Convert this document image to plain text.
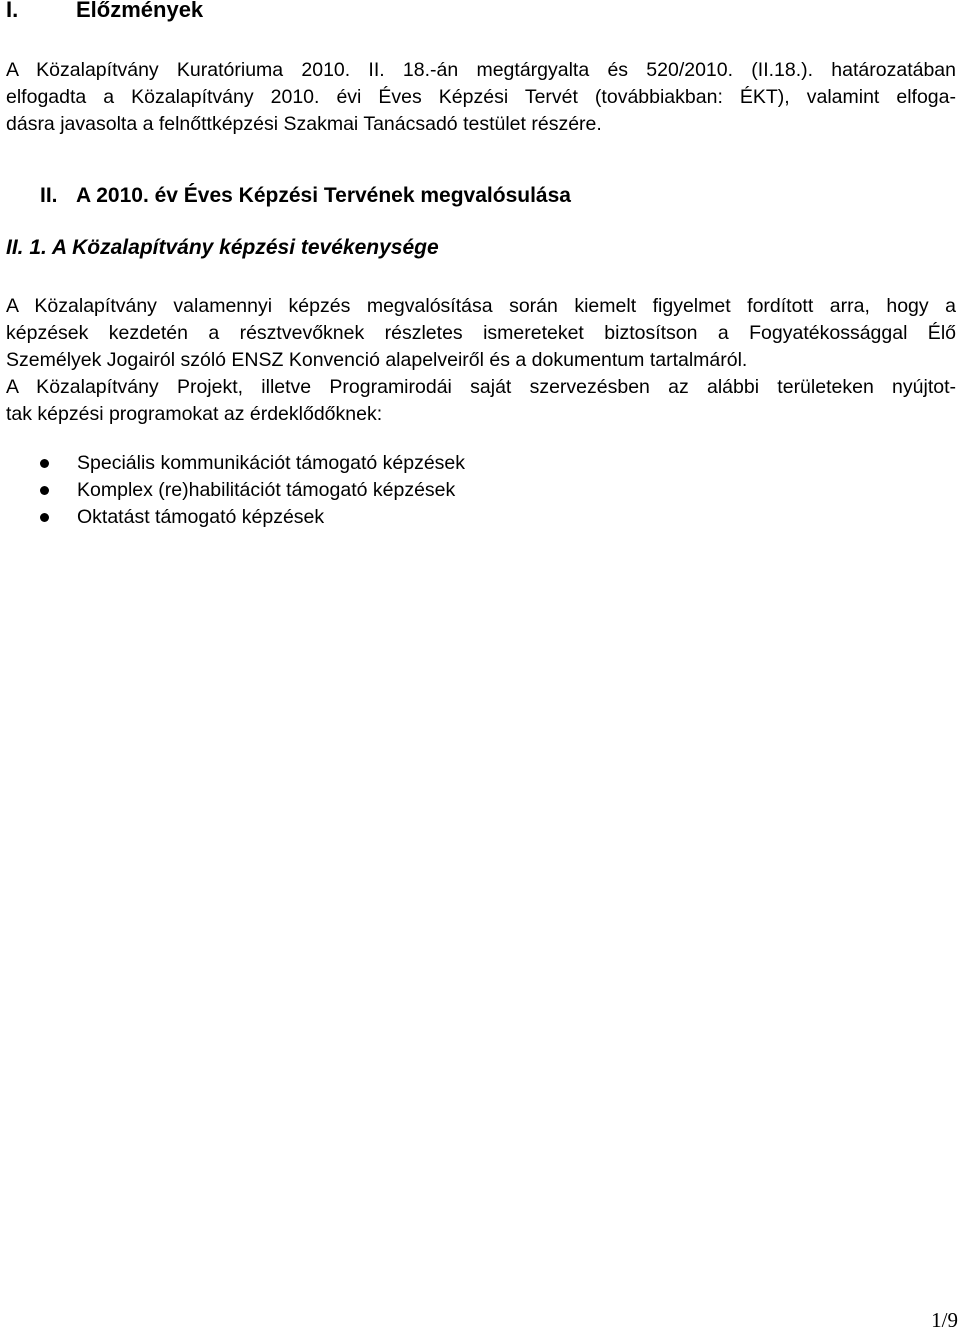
I.	Előzmények
A Közalapítvány Kuratóriuma 2010. II. 18.-án megtárgyalta és 520/2010. (II.18.). határozatában
elfogadta a Közalapítvány 2010. évi Éves Képzési Tervét (továbbiakban: ÉKT), valamint elfoga-
dásra javasolta a felnőttképzési Szakmai Tanácsadó testület részére.
II. A 2010. év Éves Képzési Tervének megvalósulása
II. 1. A Közalapítvány képzési tevékenysége
A Közalapítvány valamennyi képzés megvalósítása során kiemelt figyelmet fordított arra, hogy a
képzések kezdetén a résztvevőknek részletes ismereteket biztosítson a Fogyatékossággal Élő
Személyek Jogairól szóló ENSZ Konvenció alapelveiről és a dokumentum tartalmáról.
A Közalapítvány Projekt, illetve Programirodái saját szervezésben az alábbi területeken nyújtot-
tak képzési programokat az érdeklődőknek:
Speciális kommunikációt támogató képzések
Komplex (re)habilitációt támogató képzések
Oktatást támogató képzések
1/9
